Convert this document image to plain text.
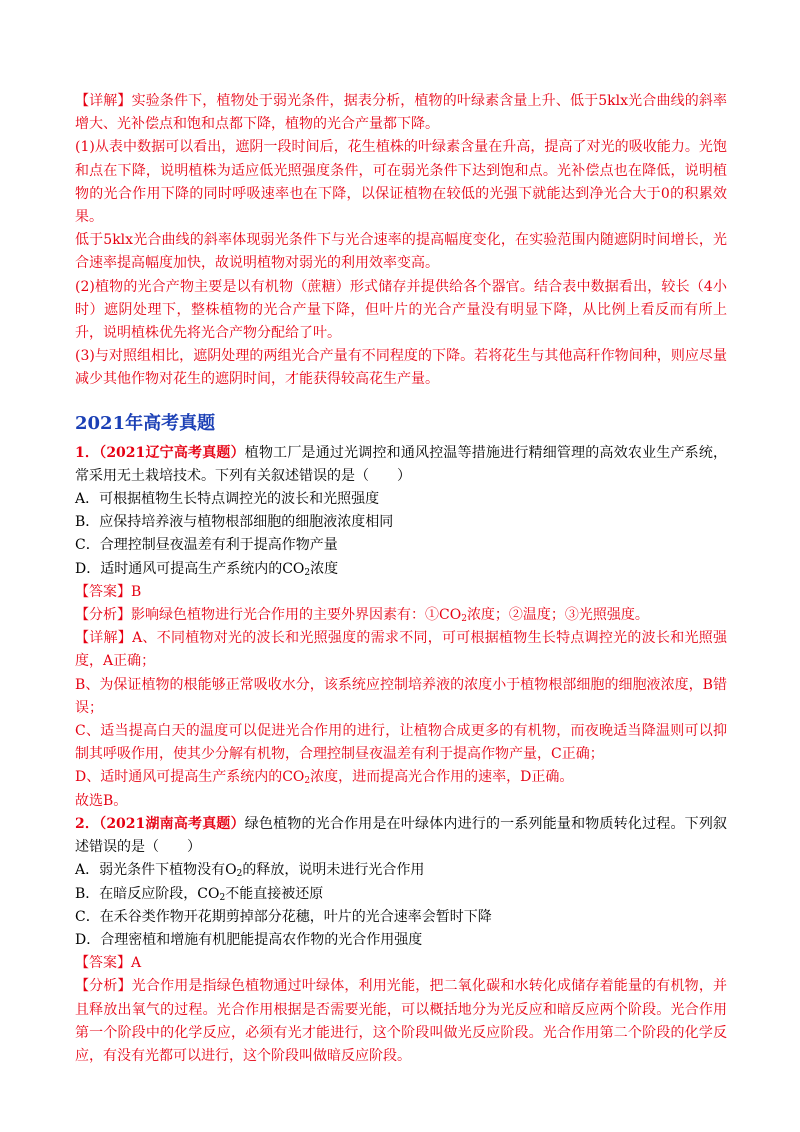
【详解】实验条件下，植物处于弱光条件，据表分析，植物的叶绿素含量上升、低于5klx光合曲线的斜率增大、光补偿点和饱和点都下降，植物的光合产量都下降。

(1)从表中数据可以看出，遮阴一段时间后，花生植株的叶绿素含量在升高，提高了对光的吸收能力。光饱和点在下降，说明植株为适应低光照强度条件，可在弱光条件下达到饱和点。光补偿点也在降低，说明植物的光合作用下降的同时呼吸速率也在下降，以保证植物在较低的光强下就能达到净光合大于0的积累效果。

低于5klx光合曲线的斜率体现弱光条件下与光合速率的提高幅度变化，在实验范围内随遮阴时间增长，光合速率提高幅度加快，故说明植物对弱光的利用效率变高。

(2)植物的光合产物主要是以有机物（蔗糖）形式储存并提供给各个器官。结合表中数据看出，较长（4小时）遮阴处理下，整株植物的光合产量下降，但叶片的光合产量没有明显下降，从比例上看反而有所上升，说明植株优先将光合产物分配给了叶。

(3)与对照组相比，遮阴处理的两组光合产量有不同程度的下降。若将花生与其他高秆作物间种，则应尽量减少其他作物对花生的遮阴时间，才能获得较高花生产量。

2021年高考真题

1．（2021辽宁高考真题）植物工厂是通过光调控和通风控温等措施进行精细管理的高效农业生产系统，常采用无土栽培技术。下列有关叙述错误的是（　　）

A．可根据植物生长特点调控光的波长和光照强度

B．应保持培养液与植物根部细胞的细胞液浓度相同

C．合理控制昼夜温差有利于提高作物产量

D．适时通风可提高生产系统内的$CO_2$浓度

【答案】B

【分析】影响绿色植物进行光合作用的主要外界因素有：$①CO_2$浓度；②温度；③光照强度。

【详解】A、不同植物对光的波长和光照强度的需求不同，可可根据植物生长特点调控光的波长和光照强度，A正确；

B、为保证植物的根能够正常吸收水分，该系统应控制培养液的浓度小于植物根部细胞的细胞液浓度，B错误；

C、适当提高白天的温度可以促进光合作用的进行，让植物合成更多的有机物，而夜晚适当降温则可以抑制其呼吸作用，使其少分解有机物，合理控制昼夜温差有利于提高作物产量，C正确；

D、适时通风可提高生产系统内的$CO_2$浓度，进而提高光合作用的速率，D正确。

故选B。

2．（2021湖南高考真题）绿色植物的光合作用是在叶绿体内进行的一系列能量和物质转化过程。下列叙述错误的是（　　）

A．弱光条件下植物没有$O_2$的释放，说明未进行光合作用

B．在暗反应阶段，$CO_2$不能直接被还原

C．在禾谷类作物开花期剪掉部分花穗，叶片的光合速率会暂时下降

D．合理密植和增施有机肥能提高农作物的光合作用强度

【答案】A

【分析】光合作用是指绿色植物通过叶绿体，利用光能，把二氧化碳和水转化成储存着能量的有机物，并且释放出氧气的过程。光合作用根据是否需要光能，可以概括地分为光反应和暗反应两个阶段。光合作用第一个阶段中的化学反应，必须有光才能进行，这个阶段叫做光反应阶段。光合作用第二个阶段的化学反应，有没有光都可以进行，这个阶段叫做暗反应阶段。
